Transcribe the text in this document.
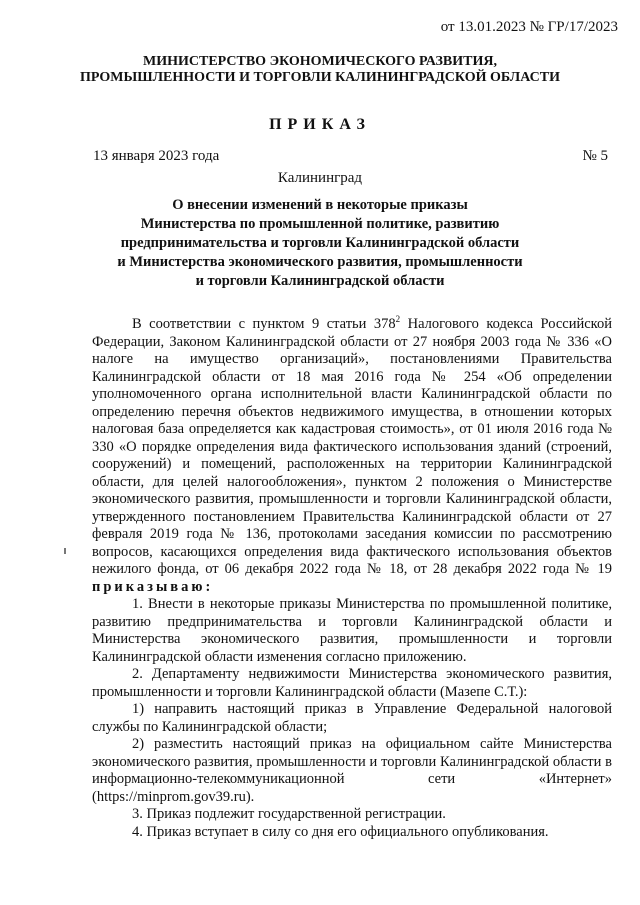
от 13.01.2023 № ГР/17/2023
МИНИСТЕРСТВО ЭКОНОМИЧЕСКОГО РАЗВИТИЯ,
ПРОМЫШЛЕННОСТИ И ТОРГОВЛИ КАЛИНИНГРАДСКОЙ ОБЛАСТИ
ПРИКАЗ
13 января 2023 года	№ 5
Калининград
О внесении изменений в некоторые приказы
Министерства по промышленной политике, развитию
предпринимательства и торговли Калининградской области
и Министерства экономического развития, промышленности
и торговли Калининградской области

В соответствии с пунктом 9 статьи $378^2$ Налогового кодекса Российской Федерации, Законом Калининградской области от 27 ноября 2003 года № 336 «О налоге на имущество организаций», постановлениями Правительства Калининградской области от 18 мая 2016 года № 254 «Об определении уполномоченного органа исполнительной власти Калининградской области по определению перечня объектов недвижимого имущества, в отношении которых налоговая база определяется как кадастровая стоимость», от 01 июля 2016 года № 330 «О порядке определения вида фактического использования зданий (строений, сооружений) и помещений, расположенных на территории Калининградской области, для целей налогообложения», пунктом 2 положения о Министерстве экономического развития, промышленности и торговли Калининградской области, утвержденного постановлением Правительства Калининградской области от 27 февраля 2019 года № 136, протоколами заседания комиссии по рассмотрению вопросов, касающихся определения вида фактического использования объектов нежилого фонда, от 06 декабря 2022 года № 18, от 28 декабря 2022 года № 19 приказываю:

1. Внести в некоторые приказы Министерства по промышленной политике, развитию предпринимательства и торговли Калининградской области и Министерства экономического развития, промышленности и торговли Калининградской области изменения согласно приложению.

2. Департаменту недвижимости Министерства экономического развития, промышленности и торговли Калининградской области (Мазепе С.Т.):

1) направить настоящий приказ в Управление Федеральной налоговой службы по Калининградской области;

2) разместить настоящий приказ на официальном сайте Министерства экономического развития, промышленности и торговли Калининградской области в информационно-телекоммуникационной сети «Интернет» (https://minprom.gov39.ru).

3. Приказ подлежит государственной регистрации.

4. Приказ вступает в силу со дня его официального опубликования.
